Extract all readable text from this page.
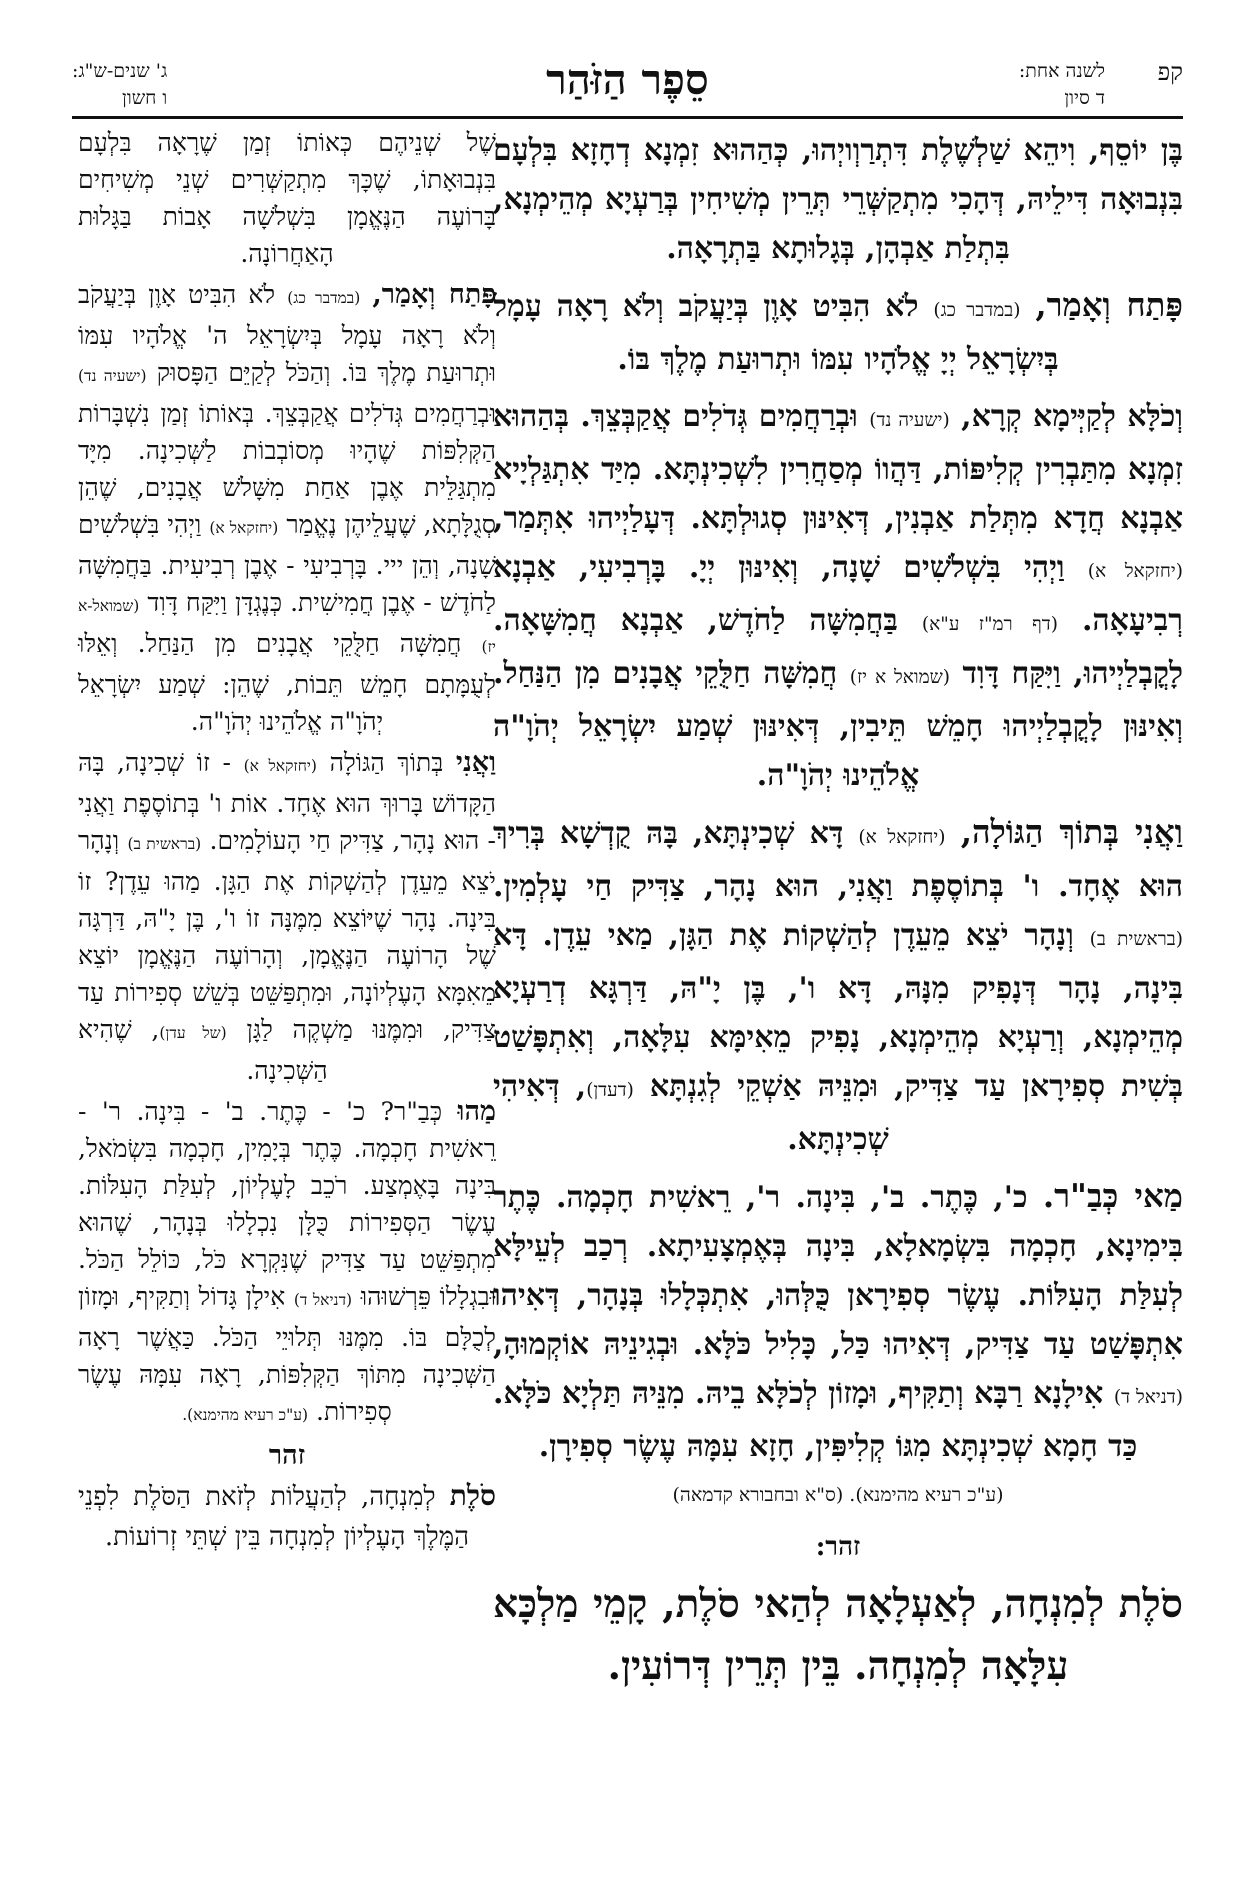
קפ
לשנה אחת:
ד סיון
סֵפֶר הַזֹּהַר
ג' שנים-ש"ג:
ו חשון

בֶּן יוֹסֵף, וִיהֵא שַׁלְשֶׁלֶת דִּתְרַוְויְהוּ, כְּהַהוּא זִמְנָא דְחָזָא בִּלְעָם בִּנְבוּאָה דִּילֵיהּ, דְּהָכִי מִתְקַשְּׁרֵי תְּרֵין מְשִׁיחִין בְּרַעְיָא מְהֵימְנָא, בִּתְלַת אַבְהָן, בְּגָלוּתָא בַּתְרָאָה.

פָּתַח וְאָמַר, (במדבר כג) לֹא הִבִּיט אָוֶן בְּיַעֲקֹב וְלֹא רָאָה עָמָל בְּיִשְׂרָאֵל יְיָ אֱלֹהָיו עִמּוֹ וּתְרוּעַת מֶלֶךְ בּוֹ.

וְכֹלָּא לְקַיְּימָא קְרָא, (ישעיה נד) וּבְרַחֲמִים גְּדֹלִים אֲקַבְּצֵךְ. בְּהַהוּא זִמְנָא מִתַּבְרִין קְלִיפּוֹת, דַּהֲווֹ מְסַחֲרִין לִשְׁכִינְתָּא. מִיַּד אִתְגַּלְיָיא אַבְנָא חֲדָא מִתְּלַת אַבְנִין, דְּאִינּוּן סְגוּלְתָּא. דְּעָלַיְיהוּ אִתְּמַר, (יחזקאל א) וַיְהִי בִּשְׁלֹשִׁים שָׁנָה, וְאִינּוּן יְיָ. בָּרְבִיעִי, אַבְנָא רְבִיעָאָה. (דף רמ"ז ע"א) בַּחֲמִשָּׁה לַחֹדֶשׁ, אַבְנָא חֲמִשָּׁאָה. לָקֳבְלַיְיהוּ, וַיִּקַּח דָּוִד (שמואל א יז) חֲמִשָּׁה חַלֻּקֵי אֲבָנִים מִן הַנַּחַל. וְאִינּוּן לָקֳבְלַיְיהוּ חָמֵשׁ תֵּיבִין, דְּאִינּוּן שְׁמַע יִשְׂרָאֵל יְהֹוָ"ה אֱלֹהֵינוּ יְהֹוָ"ה.

וַאֲנִי בְּתוֹךְ הַגּוֹלָה, (יחזקאל א) דָּא שְׁכִינְתָּא, בָּהּ קֻדְשָׁא בְּרִיךְ הוּא אֶחָד. ו' בְּתוֹסֶפֶת וַאֲנִי, הוּא נָהָר, צַדִּיק חַי עָלְמִין. (בראשית ב) וְנָהָר יֹצֵא מֵעֵדֶן לְהַשְׁקוֹת אֶת הַגָּן, מַאי עֵדֶן. דָּא בִּינָה, נָהָר דְּנָפִיק מִנָּהּ, דָּא ו', בֶּן יָ"הּ, דַּרְגָּא דְרַעְיָא מְהֵימְנָא, וְרַעְיָא מְהֵימְנָא, נָפִיק מֵאִימָּא עִלָּאָה, וְאִתְפָּשַׁט בְּשִׁית סְפִירָאן עַד צַדִּיק, וּמִנֵּיהּ אַשְׁקֵי לְגִנְתָּא (דעדן), דְּאִיהִי שְׁכִינְתָּא.

מַאי כְּבַ"ר. כ', כֶּתֶר. ב', בִּינָה. ר', רֵאשִׁית חָכְמָה. כֶּתֶר בִּימִינָא, חָכְמָה בִּשְׂמָאלָא, בִּינָה בְּאֶמְצָעִיתָא. רְכַב לְעֵילָּא לְעִלַּת הָעִלּוֹת. עֶשֶׂר סְפִירָאן כֻּלְּהוּ, אִתְכְּלָלוּ בְּנָהָר, דְּאִיהוּ אִתְפָּשַׁט עַד צַדִּיק, דְּאִיהוּ כַּל, כָּלִיל כֹּלָּא. וּבְגִינֵיהּ אוֹקְמוּהָ, (דניאל ד) אִילָנָא רַבָּא וְתַקִּיף, וּמָזוֹן לְכֹלָּא בֵיהּ. מִנֵּיהּ תַּלְיָא כֹּלָּא. כַּד חָמָא שְׁכִינְתָּא מִגּוֹ קְלִיפִּין, חָזָא עִמָּהּ עֶשֶׂר סְפִירָן.

(ע"כ רעיא מהימנא). (ס"א ובחבורא קדמאה)
זהר:

סֹלֶת לְמִנְחָה, לְאַעְלָאָה לְהַאי סֹלֶת, קָמֵי מַלְכָּא עִלָּאָה לְמִנְחָה. בֵּין תְּרֵין דְּרוֹעִין.

שֶׁל שְׁנֵיהֶם כְּאוֹתוֹ זְמַן שֶׁרָאָה בִּלְעָם בִּנְבוּאָתוֹ, שֶׁכָּךְ מִתְקַשְּׁרִים שְׁנֵי מְשִׁיחִים בָּרוֹעֶה הַנֶּאֱמָן בִּשְׁלֹשָׁה אָבוֹת בַּגָּלוּת הָאַחֲרוֹנָה.

פָּתַח וְאָמַר, (במדבר כג) לֹא הִבִּיט אָוֶן בְּיַעֲקֹב וְלֹא רָאָה עָמָל בְּיִשְׂרָאֵל ה' אֱלֹהָיו עִמּוֹ וּתְרוּעַת מֶלֶךְ בּוֹ. וְהַכֹּל לְקַיֵּם הַפָּסוּק (ישעיה נד) וּבְרַחֲמִים גְּדֹלִים אֲקַבְּצֵךְ. בְּאוֹתוֹ זְמַן נִשְׁבָּרוֹת הַקְּלִפּוֹת שֶׁהָיוּ מְסוֹבְבוֹת לַשְּׁכִינָה. מִיָּד מִתְגַּלֵּית אֶבֶן אַחַת מִשָּׁלֹשׁ אֲבָנִים, שֶׁהֵן סְגֻלָּתָא, שֶׁעֲלֵיהֶן נֶאֱמַר (יחזקאל א) וַיְהִי בִּשְׁלֹשִׁים שָׁנָה, וְהֵן ייי. בָּרְבִיעִי - אֶבֶן רְבִיעִית. בַּחֲמִשָּׁה לַחֹדֶשׁ - אֶבֶן חֲמִישִׁית. כְּנֶגְדָּן וַיִּקַּח דָּוִד (שמואל-א יז) חֲמִשָּׁה חַלֻּקֵי אֲבָנִים מִן הַנַּחַל. וְאֵלּוּ לְעֻמָּתָם חָמֵשׁ תֵּבוֹת, שֶׁהֵן: שְׁמַע יִשְׂרָאֵל יְהֹוָ"ה אֱלֹהֵינוּ יְהֹוָ"ה.

וַאֲנִי בְּתוֹךְ הַגּוֹלָה (יחזקאל א) - זוֹ שְׁכִינָה, בָּהּ הַקָּדוֹשׁ בָּרוּךְ הוּא אֶחָד. אוֹת ו' בְּתוֹסֶפֶת וַאֲנִי - הוּא נָהָר, צַדִּיק חַי הָעוֹלָמִים. (בראשית ב) וְנָהָר יֹצֵא מֵעֵדֶן לְהַשְׁקוֹת אֶת הַגָּן. מַהוּ עֵדֶן? זוֹ בִּינָה. נָהָר שֶׁיּוֹצֵא מִמֶּנָּה זוֹ ו', בֶּן יָ"הּ, דַּרְגָּה שֶׁל הָרוֹעֶה הַנֶּאֱמָן, וְהָרוֹעֶה הַנֶּאֱמָן יוֹצֵא מֵאִמָּא הָעֶלְיוֹנָה, וּמִתְפַּשֵּׁט בְּשֵׁשׁ סְפִירוֹת עַד צַדִּיק, וּמִמֶּנּוּ מַשְׁקֶה לַגָּן (של עדן), שֶׁהִיא הַשְּׁכִינָה.

מַהוּ כְּבַ"ר? כ' - כֶּתֶר. ב' - בִּינָה. ר' - רֵאשִׁית חָכְמָה. כֶּתֶר בְּיָמִין, חָכְמָה בִּשְׂמֹאל, בִּינָה בָּאֶמְצַע. רֹכֵב לָעֶלְיוֹן, לְעִלַּת הָעִלּוֹת. עֶשֶׂר הַסְּפִירוֹת כֻּלָּן נִכְלָלוּ בְּנָהָר, שֶׁהוּא מִתְפַּשֵּׁט עַד צַדִּיק שֶׁנִּקְרָא כֹּל, כּוֹלֵל הַכֹּל. וּבִגְלָלוֹ פֵּרְשׁוּהוּ (דניאל ד) אִילָן גָּדוֹל וְתַקִּיף, וּמָזוֹן לְכֻלָּם בּוֹ. מִמֶּנּוּ תְּלוּיֵי הַכֹּל. כַּאֲשֶׁר רָאָה הַשְּׁכִינָה מִתּוֹךְ הַקְּלִפּוֹת, רָאָה עִמָּהּ עֶשֶׂר סְפִירוֹת. (ע"כ רעיא מהימנא).

זהר

סֹלֶת לְמִנְחָה, לְהַעֲלוֹת לְזֹאת הַסֹּלֶת לִפְנֵי הַמֶּלֶךְ הָעֶלְיוֹן לְמִנְחָה בֵּין שְׁתֵּי זְרוֹעוֹת.
